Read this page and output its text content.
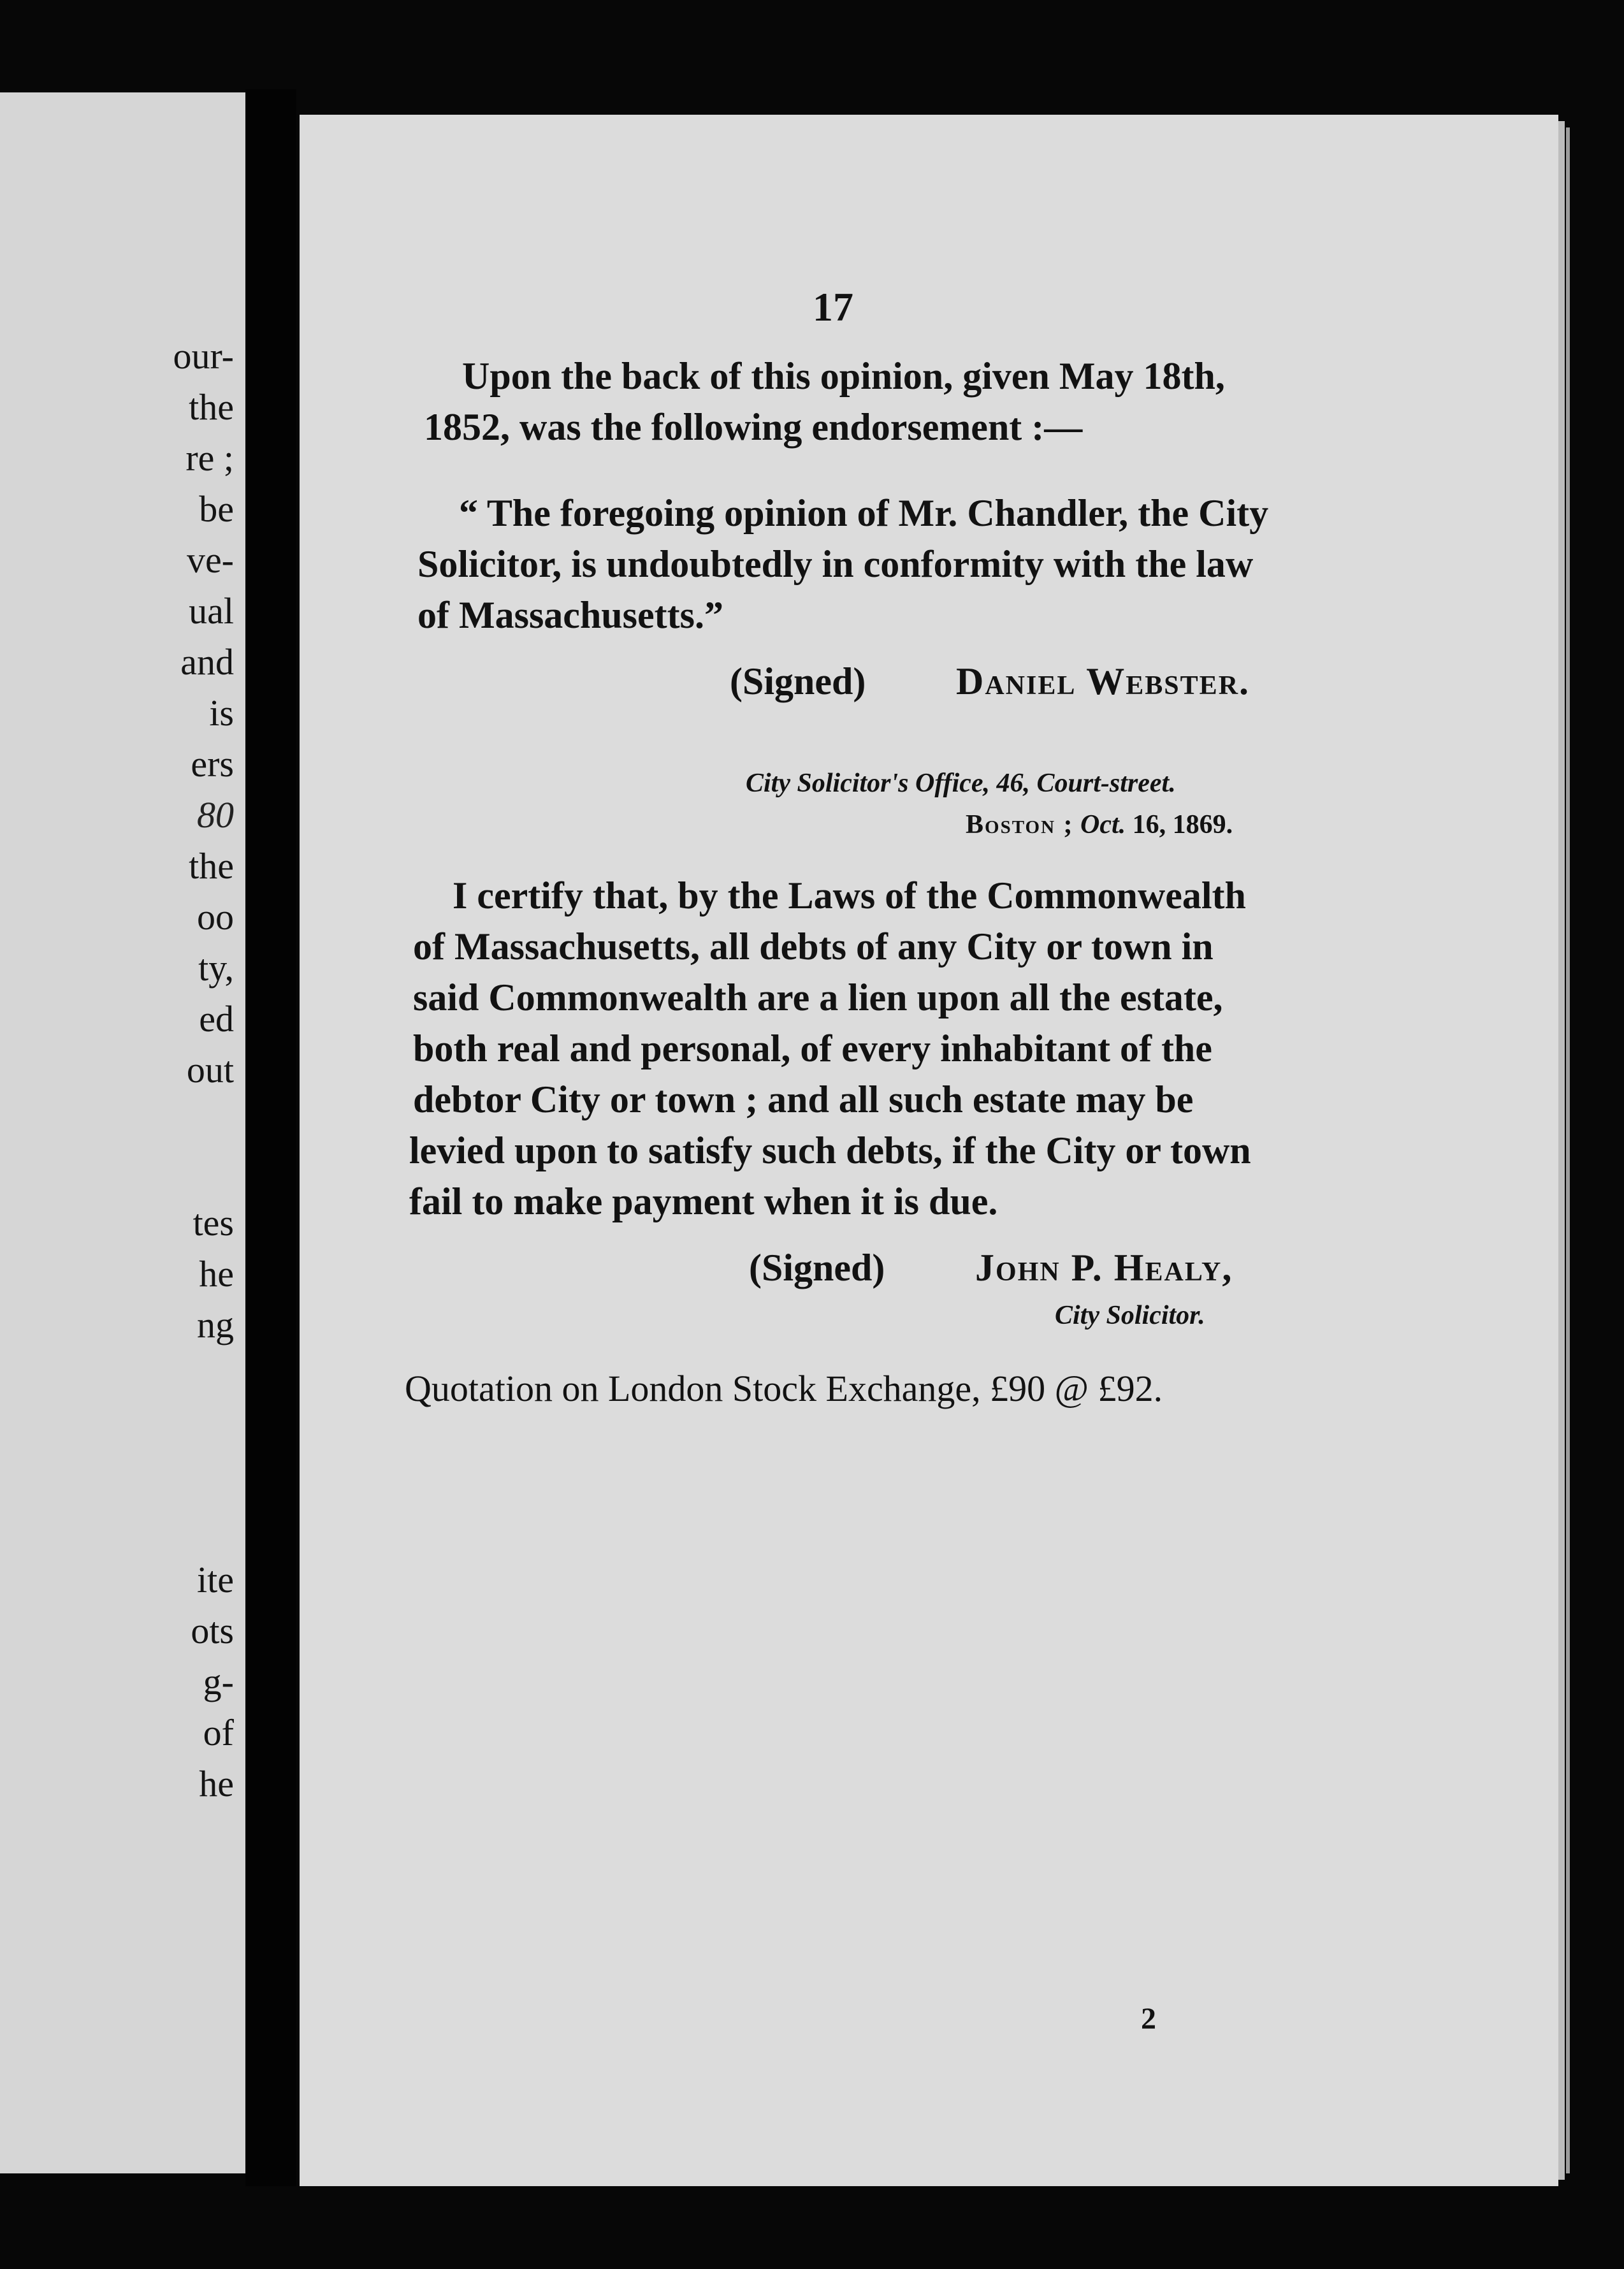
our-
the
re ;
be
ve-
ual
and
is
ers
80
the
oo
ty,
ed
out
tes
he
ng
ite
ots
g-
of
he
17
Upon the back of this opinion, given May 18th,
1852, was the following endorsement :—
“ The foregoing opinion of Mr. Chandler, the City
Solicitor, is undoubtedly in conformity with the law
of Massachusetts.”
(Signed) Daniel Webster.
City Solicitor's Office, 46, Court-street.
Boston ; Oct. 16, 1869.
I certify that, by the Laws of the Commonwealth
of Massachusetts, all debts of any City or town in
said Commonwealth are a lien upon all the estate,
both real and personal, of every inhabitant of the
debtor City or town ; and all such estate may be
levied upon to satisfy such debts, if the City or town
fail to make payment when it is due.
(Signed) John P. Healy,
City Solicitor.
Quotation on London Stock Exchange, £90 @ £92.
2
